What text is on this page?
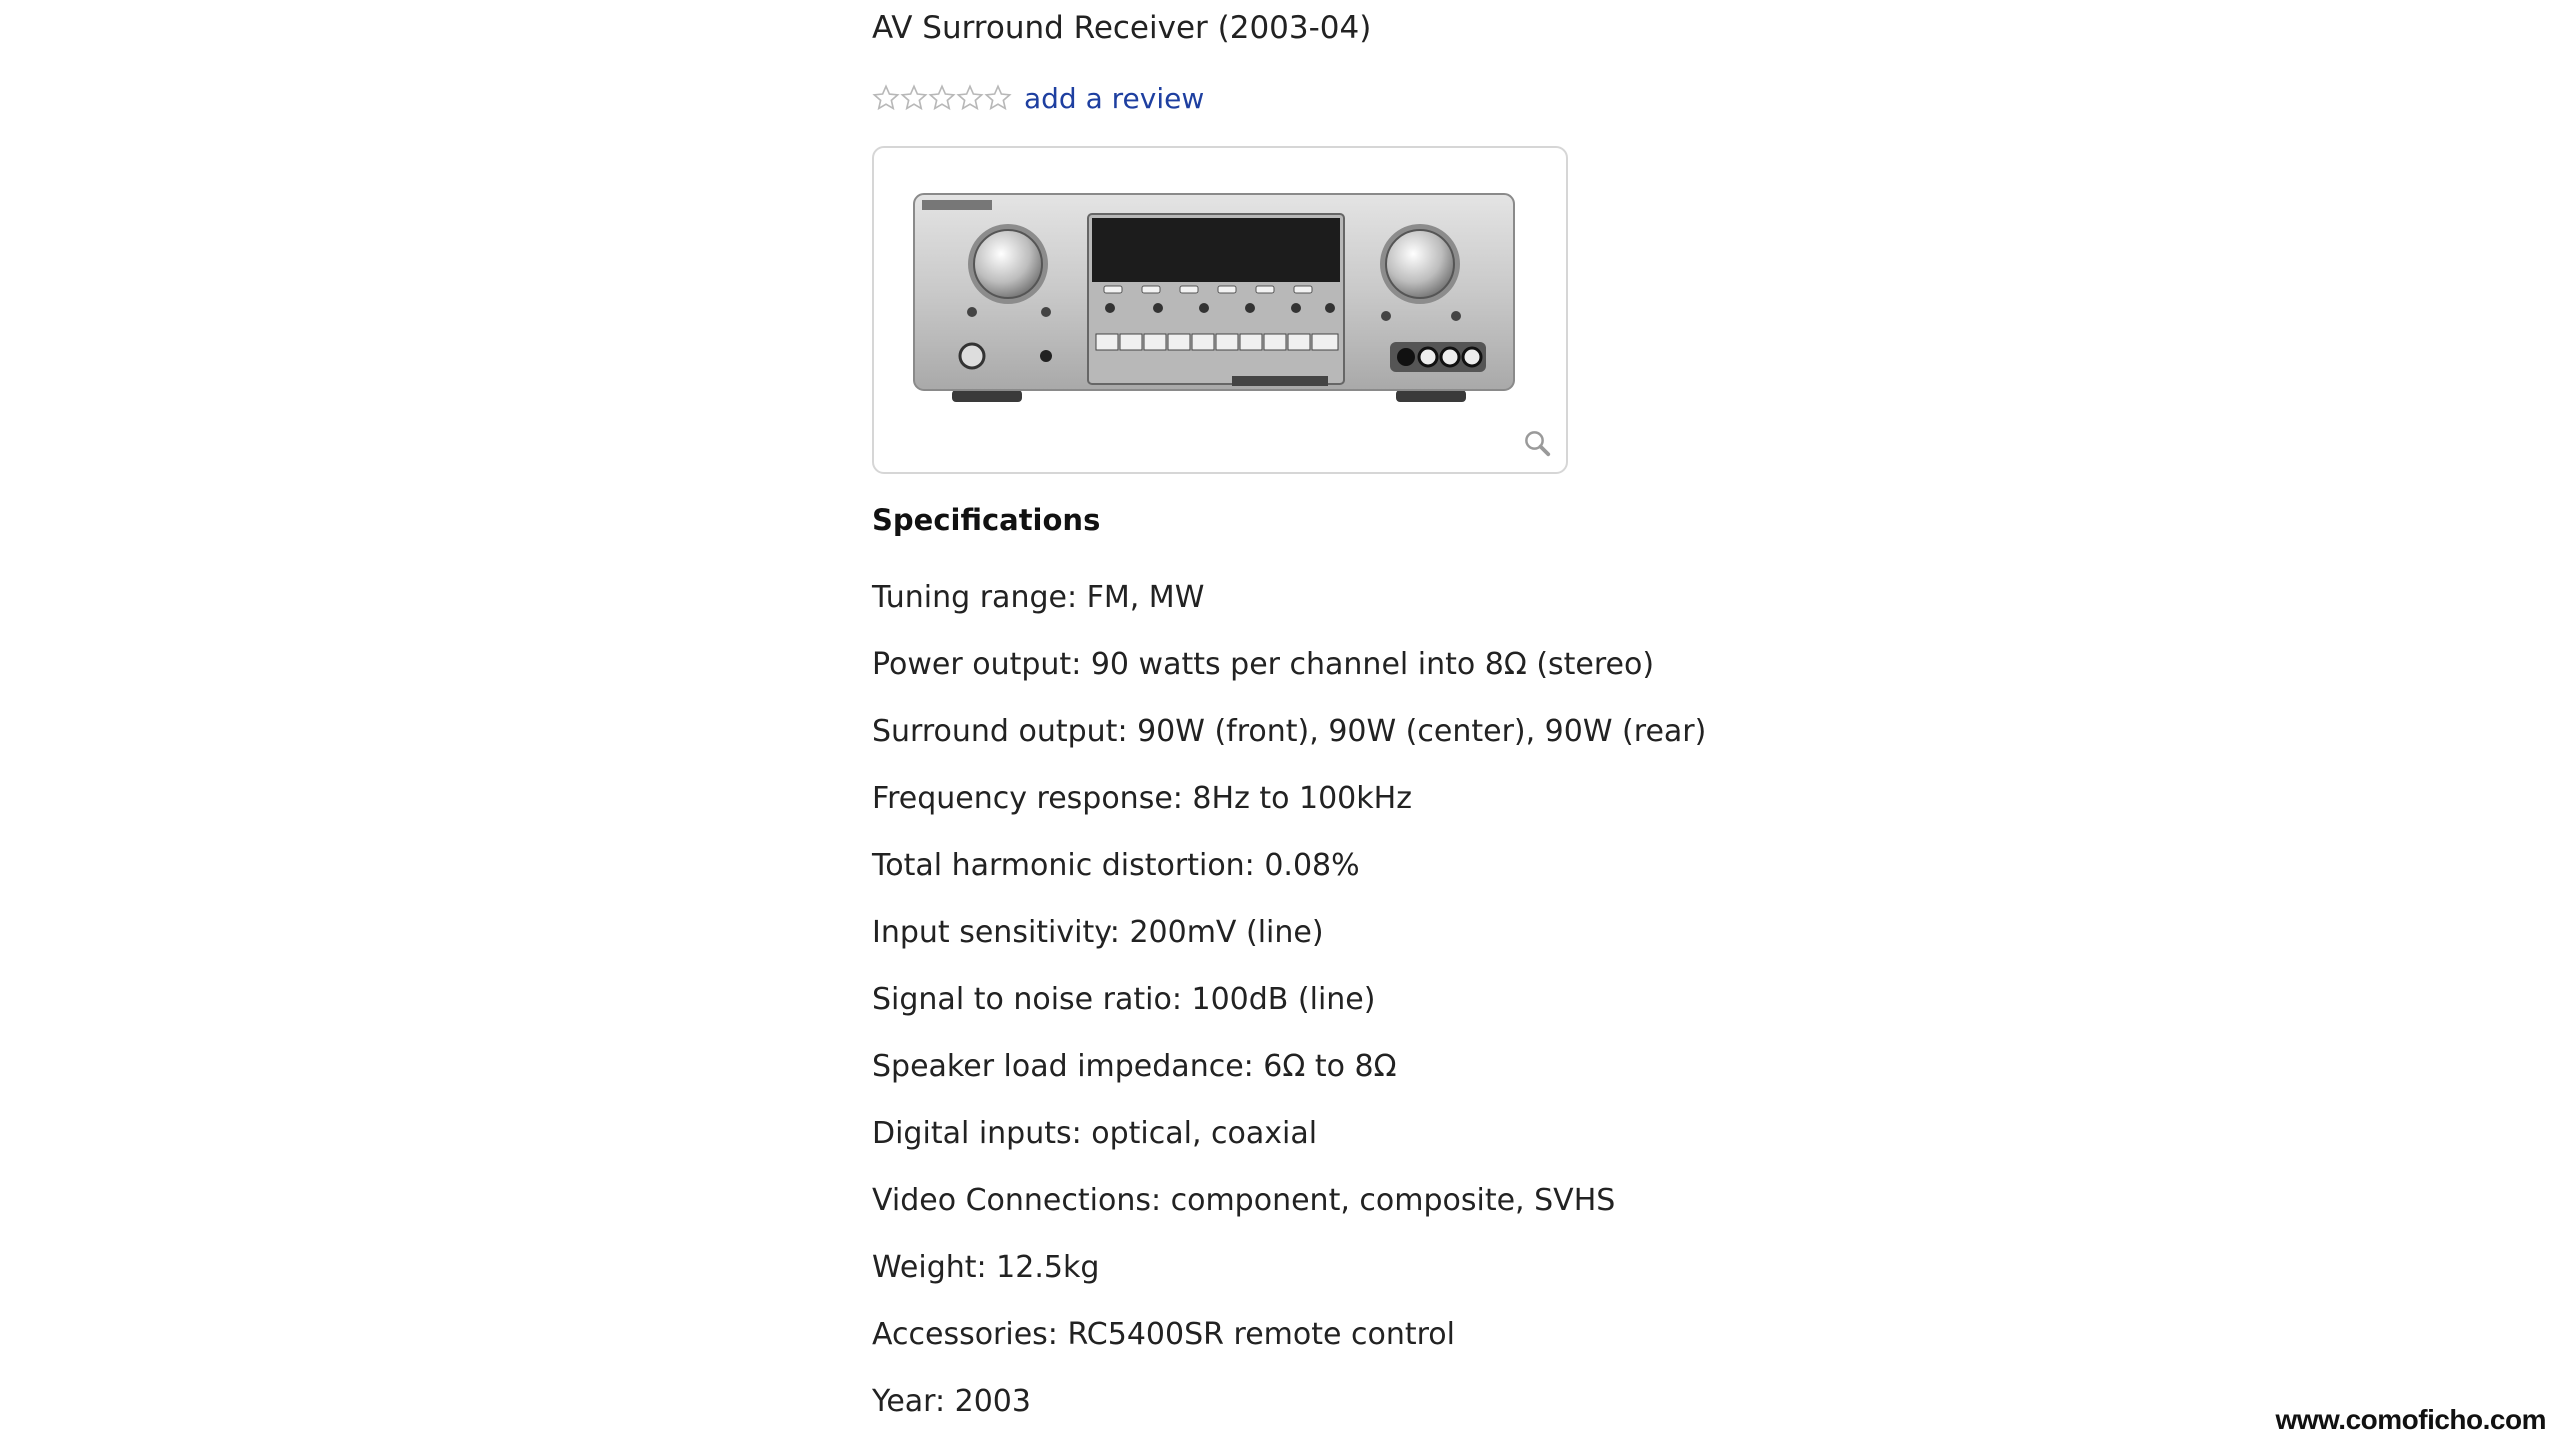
AV Surround Receiver (2003-04)
add a review
Specifications
Tuning range: FM, MW
Power output: 90 watts per channel into 8Ω (stereo)
Surround output: 90W (front), 90W (center), 90W (rear)
Frequency response: 8Hz to 100kHz
Total harmonic distortion: 0.08%
Input sensitivity: 200mV (line)
Signal to noise ratio: 100dB (line)
Speaker load impedance: 6Ω to 8Ω
Digital inputs: optical, coaxial
Video Connections: component, composite, SVHS
Weight: 12.5kg
Accessories: RC5400SR remote control
Year: 2003
www.comoficho.com
